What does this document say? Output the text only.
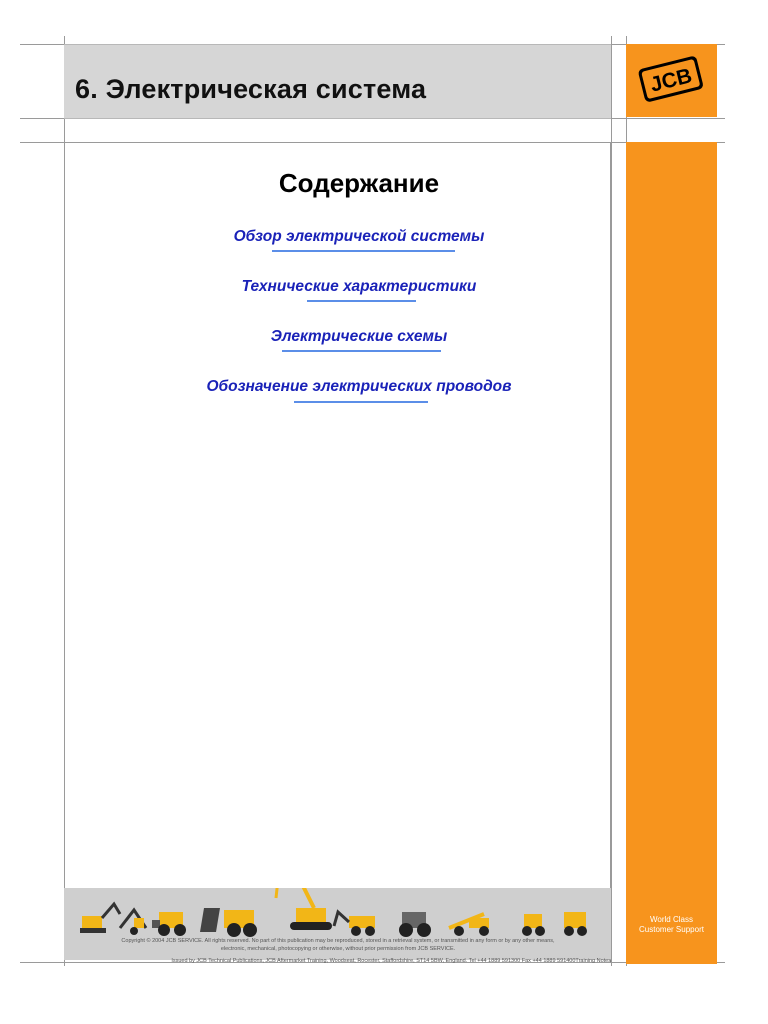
6. Электрическая система	JCB
World Class
Customer Support
Содержание
Обзор электрической системы
Технические характеристики
Электрические схемы
Обозначение электрических проводов
Copyright © 2004 JCB SERVICE. All rights reserved. No part of this publication may be reproduced, stored in a retrieval system, or transmitted in any form or by any other means,
electronic, mechanical, photocopying or otherwise, without prior permission from JCB SERVICE.
Issued by JCB Technical Publications, JCB Aftermarket Training, Woodseat, Rocester, Staffordshire, ST14 5BW, England. Tel +44 1889 591300 Fax +44 1889 591400Training Notes
